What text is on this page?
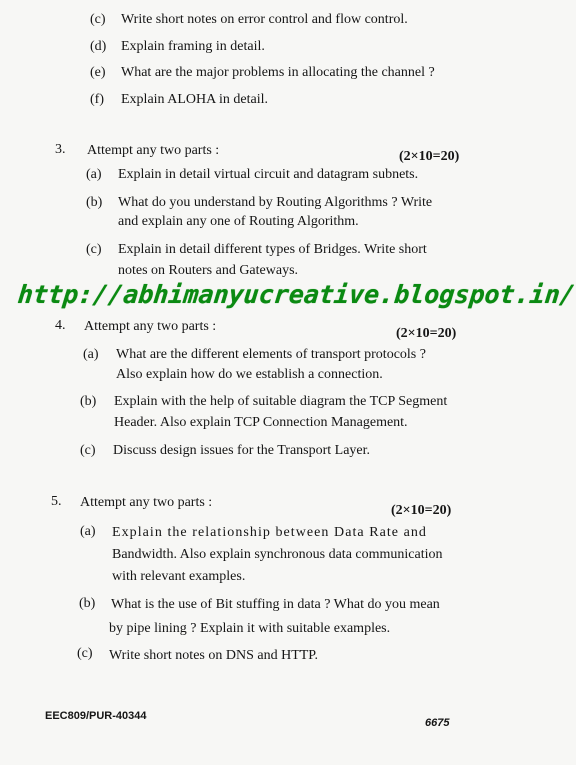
(c) Write short notes on error control and flow control.
(d) Explain framing in detail.
(e) What are the major problems in allocating the channel ?
(f) Explain ALOHA in detail.
3. Attempt any two parts :	(2×10=20)
(a) Explain in detail virtual circuit and datagram subnets.
(b) What do you understand by Routing Algorithms ? Write
and explain any one of Routing Algorithm.
(c) Explain in detail different types of Bridges. Write short
notes on Routers and Gateways.
http://abhimanyucreative.blogspot.in/
4. Attempt any two parts :	(2×10=20)
(a) What are the different elements of transport protocols ?
Also explain how do we establish a connection.
(b) Explain with the help of suitable diagram the TCP Segment
Header. Also explain TCP Connection Management.
(c) Discuss design issues for the Transport Layer.
5. Attempt any two parts :
(2×10=20)
(a) Explain the relationship between Data Rate and
Bandwidth. Also explain synchronous data communication
with relevant examples.
(b) What is the use of Bit stuffing in data ? What do you mean
by pipe lining ? Explain it with suitable examples.
(c) Write short notes on DNS and HTTP.
EEC809/PUR-40344
6675
